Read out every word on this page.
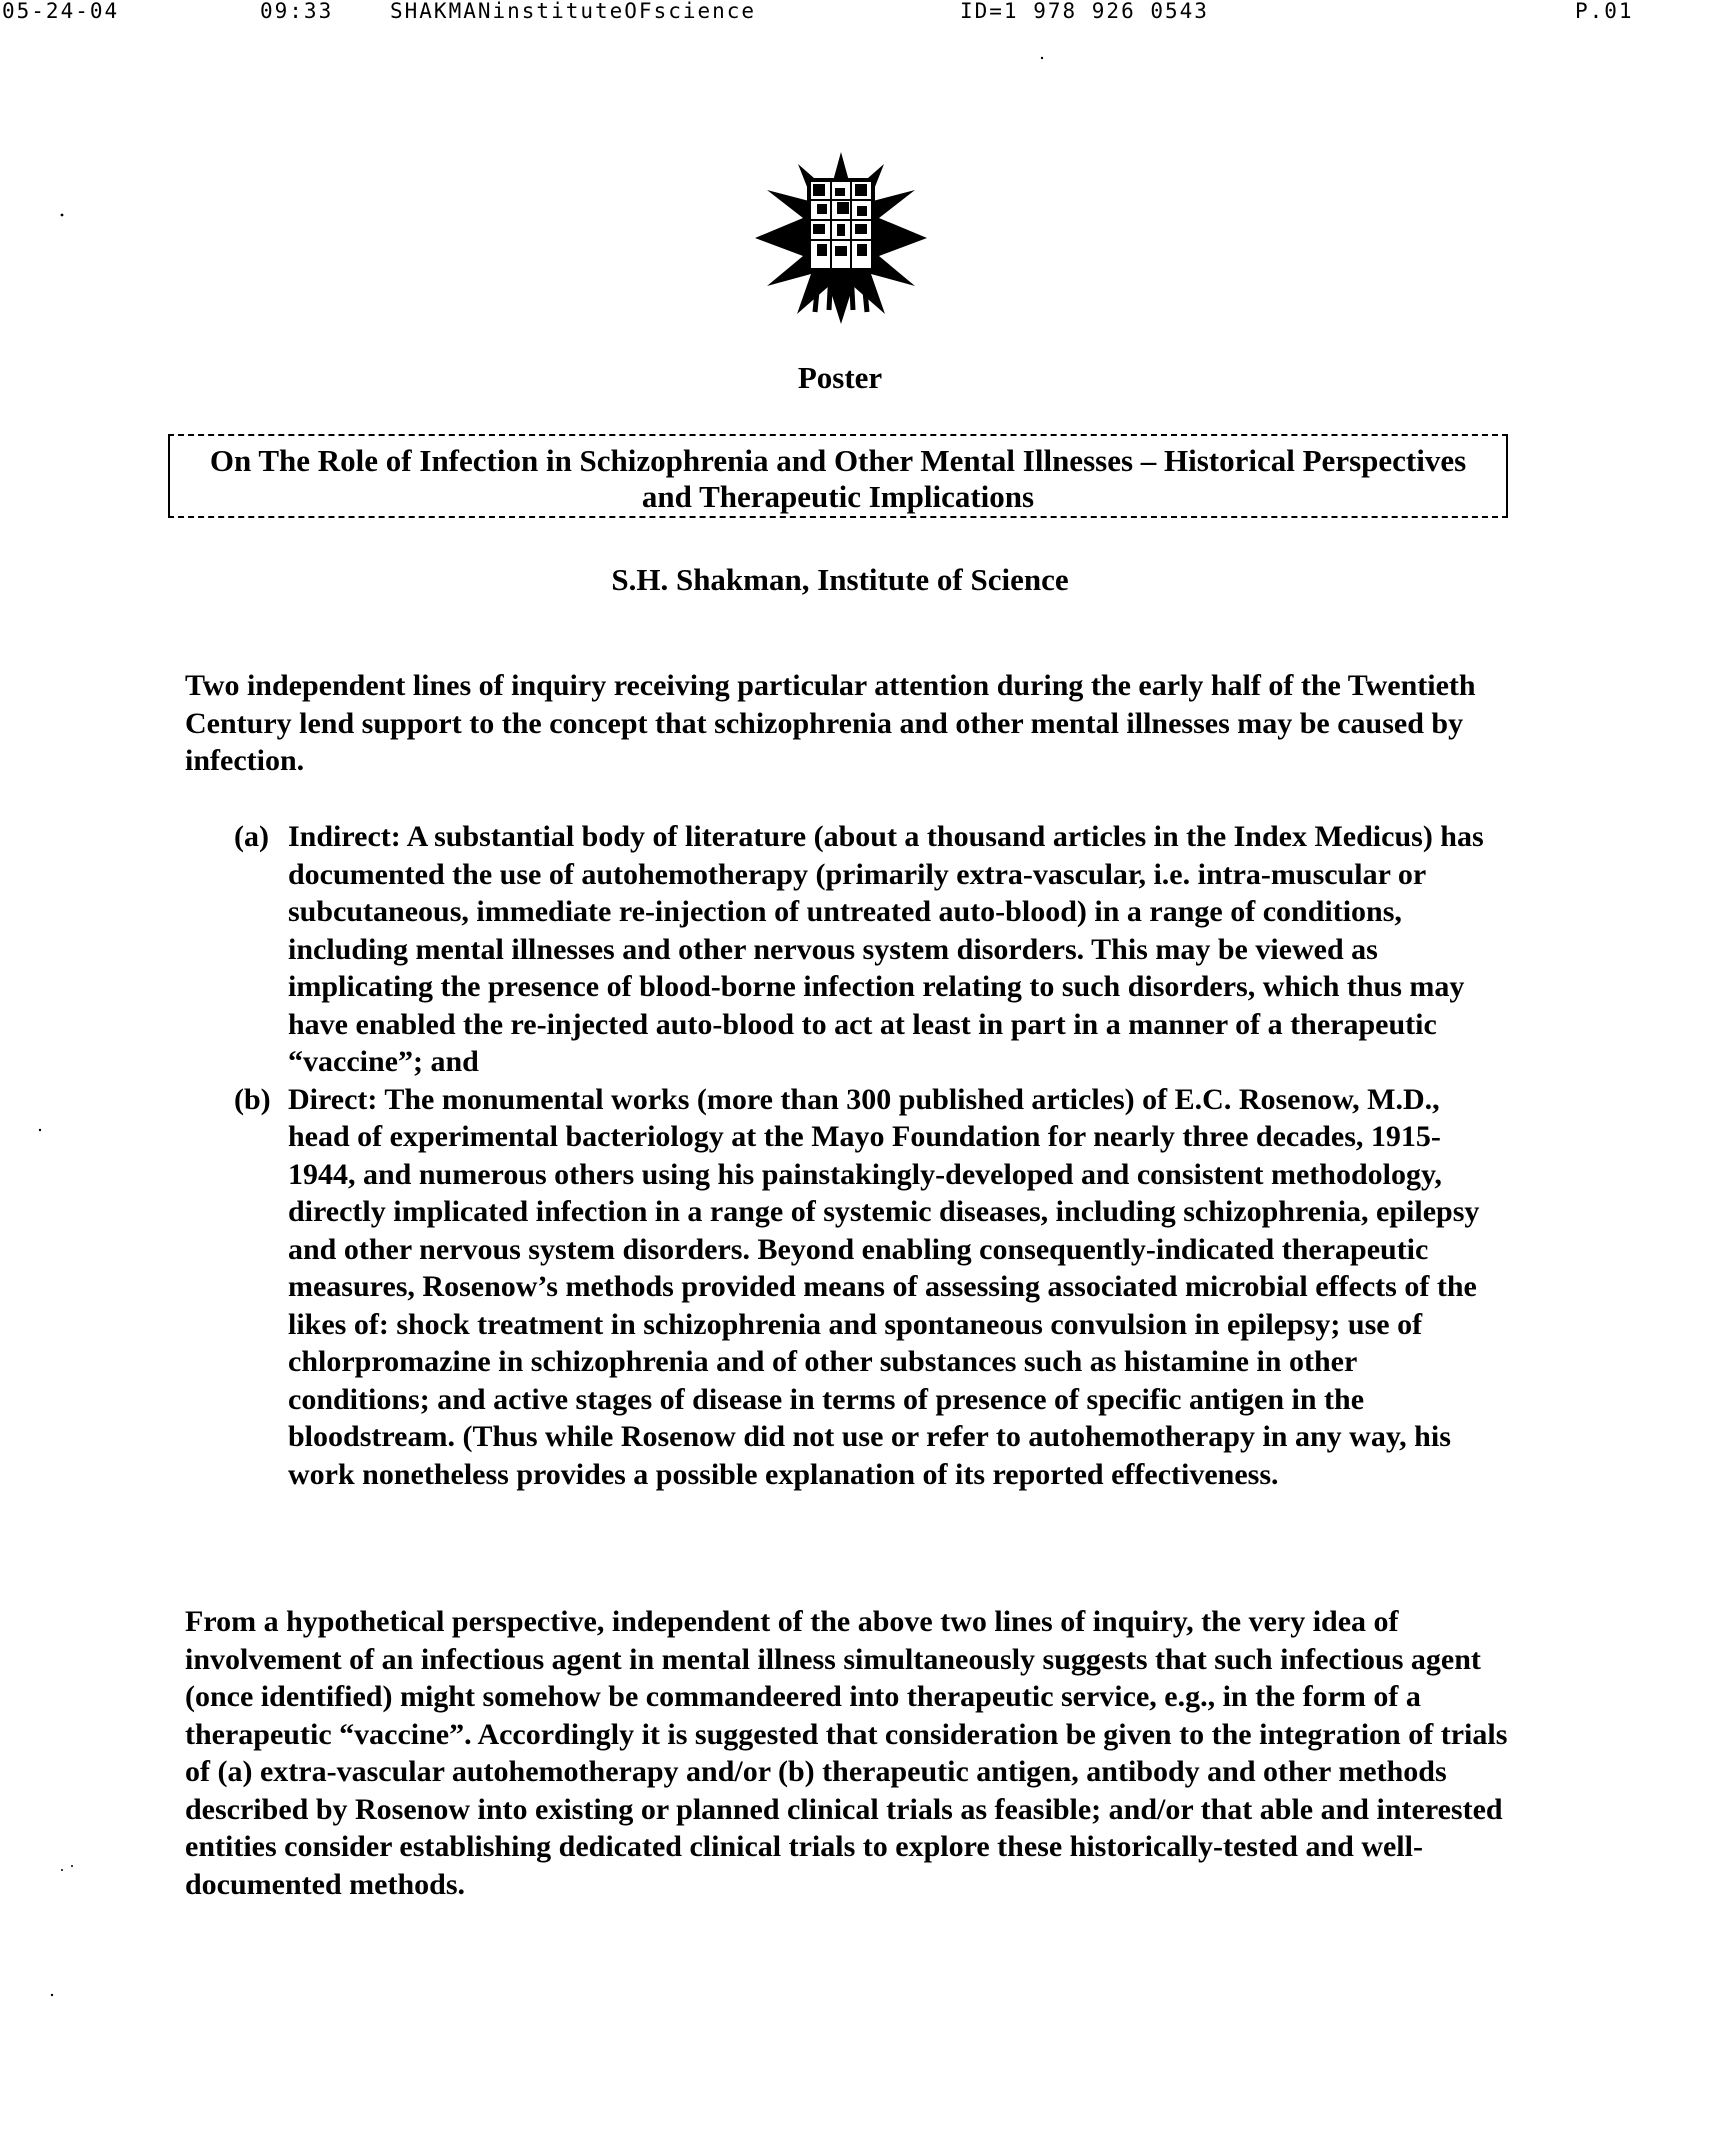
05-24-04	09:33	SHAKMANinstituteOFscience	ID=1 978 926 0543	P.01
Poster
On The Role of Infection in Schizophrenia and Other Mental Illnesses – Historical Perspectives and Therapeutic Implications
S.H. Shakman, Institute of Science

Two independent lines of inquiry receiving particular attention during the early half of the Twentieth Century lend support to the concept that schizophrenia and other mental illnesses may be caused by infection.

(a) Indirect: A substantial body of literature (about a thousand articles in the Index Medicus) has documented the use of autohemotherapy (primarily extra-vascular, i.e. intra-muscular or subcutaneous, immediate re-injection of untreated auto-blood) in a range of conditions, including mental illnesses and other nervous system disorders. This may be viewed as implicating the presence of blood-borne infection relating to such disorders, which thus may have enabled the re-injected auto-blood to act at least in part in a manner of a therapeutic “vaccine”; and

(b) Direct: The monumental works (more than 300 published articles) of E.C. Rosenow, M.D., head of experimental bacteriology at the Mayo Foundation for nearly three decades, 1915-1944, and numerous others using his painstakingly-developed and consistent methodology, directly implicated infection in a range of systemic diseases, including schizophrenia, epilepsy and other nervous system disorders. Beyond enabling consequently-indicated therapeutic measures, Rosenow’s methods provided means of assessing associated microbial effects of the likes of: shock treatment in schizophrenia and spontaneous convulsion in epilepsy; use of chlorpromazine in schizophrenia and of other substances such as histamine in other conditions; and active stages of disease in terms of presence of specific antigen in the bloodstream. (Thus while Rosenow did not use or refer to autohemotherapy in any way, his work nonetheless provides a possible explanation of its reported effectiveness.

From a hypothetical perspective, independent of the above two lines of inquiry, the very idea of involvement of an infectious agent in mental illness simultaneously suggests that such infectious agent (once identified) might somehow be commandeered into therapeutic service, e.g., in the form of a therapeutic “vaccine”. Accordingly it is suggested that consideration be given to the integration of trials of (a) extra-vascular autohemotherapy and/or (b) therapeutic antigen, antibody and other methods described by Rosenow into existing or planned clinical trials as feasible; and/or that able and interested entities consider establishing dedicated clinical trials to explore these historically-tested and well-documented methods.
